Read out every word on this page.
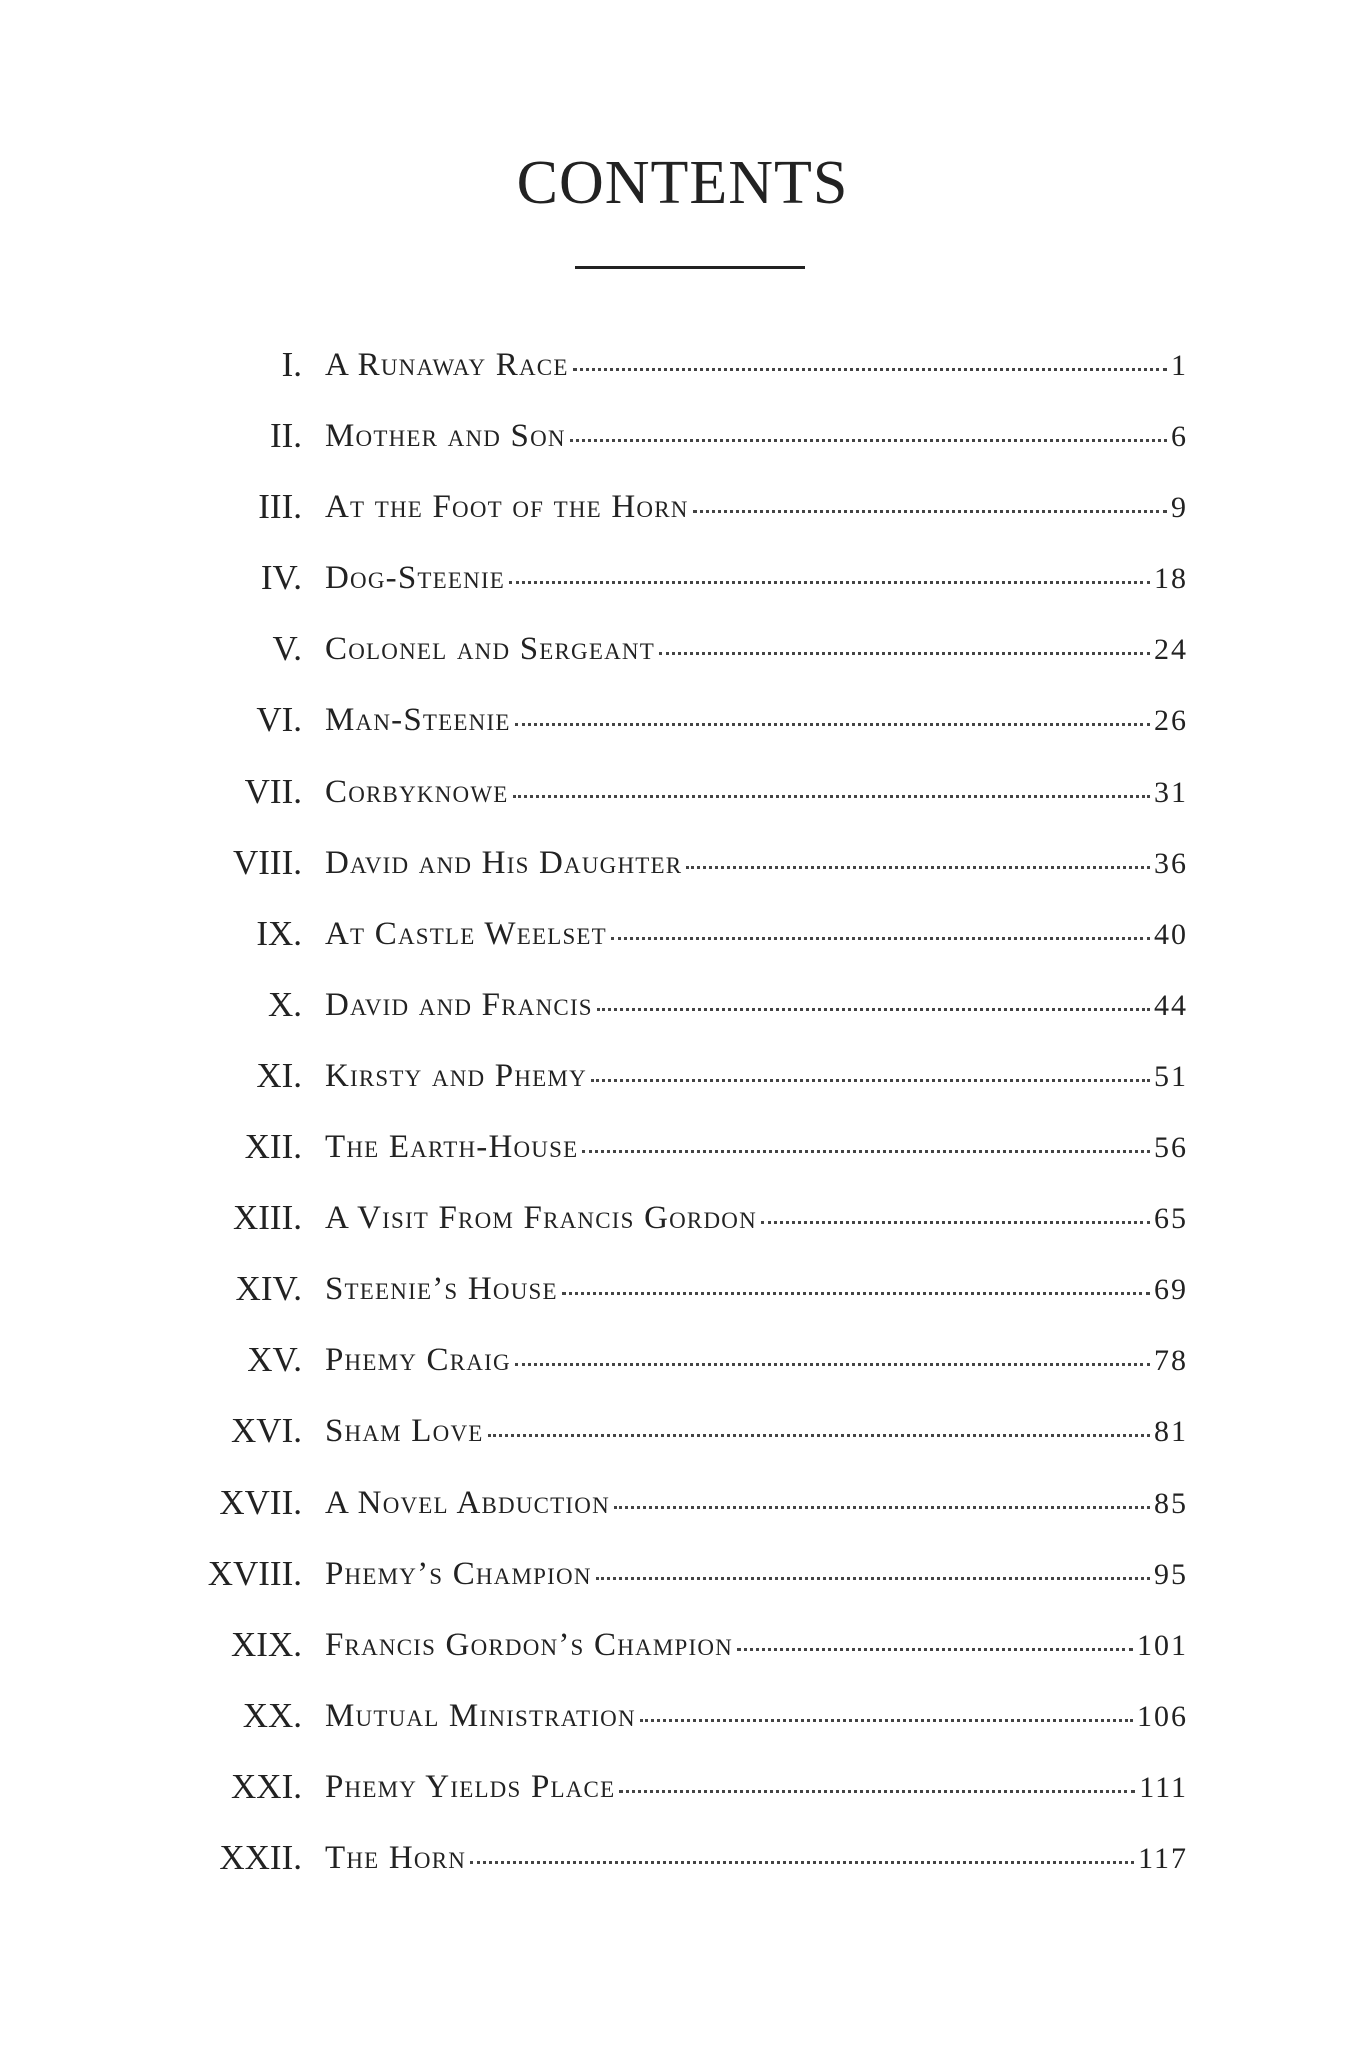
CONTENTS
I. A Runaway Race	1
II. Mother and Son	6
III. At the Foot of the Horn	9
IV. Dog-Steenie	18
V. Colonel and Sergeant	24
VI. Man-Steenie	26
VII. Corbyknowe	31
VIII. David and His Daughter	36
IX. At Castle Weelset	40
X. David and Francis	44
XI. Kirsty and Phemy	51
XII. The Earth-House	56
XIII. A Visit From Francis Gordon	65
XIV. Steenie’s House	69
XV. Phemy Craig	78
XVI. Sham Love	81
XVII. A Novel Abduction	85
XVIII. Phemy’s Champion	95
XIX. Francis Gordon’s Champion	101
XX. Mutual Ministration	106
XXI. Phemy Yields Place	111
XXII. The Horn	117
